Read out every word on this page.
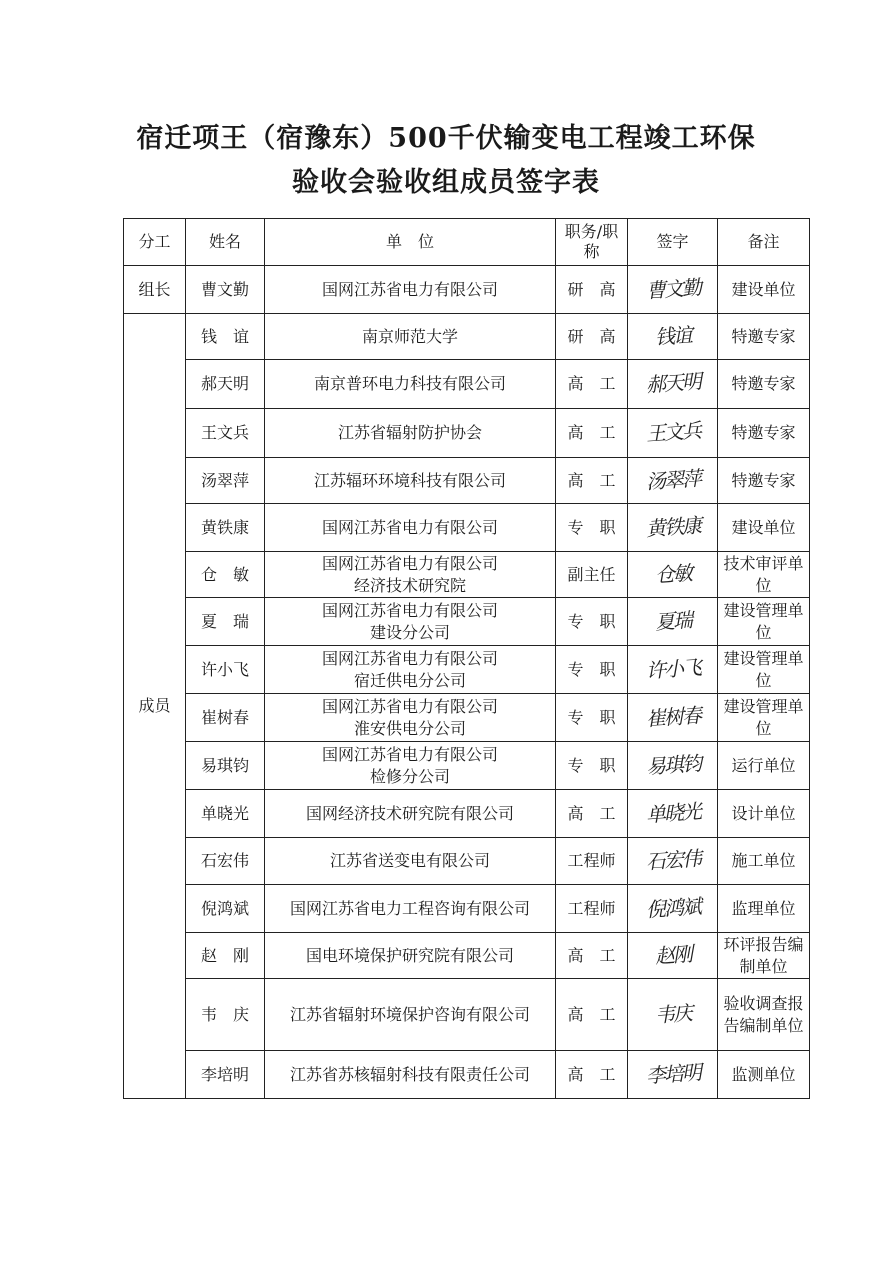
宿迁项王（宿豫东）500千伏输变电工程竣工环保
验收会验收组成员签字表
分工	姓名	单　位	职务/职称	签字	备注
组长	曹文勤	国网江苏省电力有限公司	研　高	曹文勤	建设单位
成员	钱　谊	南京师范大学	研　高	钱谊	特邀专家
	郝天明	南京普环电力科技有限公司	高　工	郝天明	特邀专家
	王文兵	江苏省辐射防护协会	高　工	王文兵	特邀专家
	汤翠萍	江苏辐环环境科技有限公司	高　工	汤翠萍	特邀专家
	黄铁康	国网江苏省电力有限公司	专　职	黄铁康	建设单位
	仓　敏	国网江苏省电力有限公司
经济技术研究院	副主任	仓敏	技术审评单位
	夏　瑞	国网江苏省电力有限公司
建设分公司	专　职	夏瑞	建设管理单位
	许小飞	国网江苏省电力有限公司
宿迁供电分公司	专　职	许小飞	建设管理单位
	崔树春	国网江苏省电力有限公司
淮安供电分公司	专　职	崔树春	建设管理单位
	易琪钧	国网江苏省电力有限公司
检修分公司	专　职	易琪钧	运行单位
	单晓光	国网经济技术研究院有限公司	高　工	单晓光	设计单位
	石宏伟	江苏省送变电有限公司	工程师	石宏伟	施工单位
	倪鸿斌	国网江苏省电力工程咨询有限公司	工程师	倪鸿斌	监理单位
	赵　刚	国电环境保护研究院有限公司	高　工	赵刚	环评报告编制单位
	韦　庆	江苏省辐射环境保护咨询有限公司	高　工	韦庆	验收调查报告编制单位
	李培明	江苏省苏核辐射科技有限责任公司	高　工	李培明	监测单位
